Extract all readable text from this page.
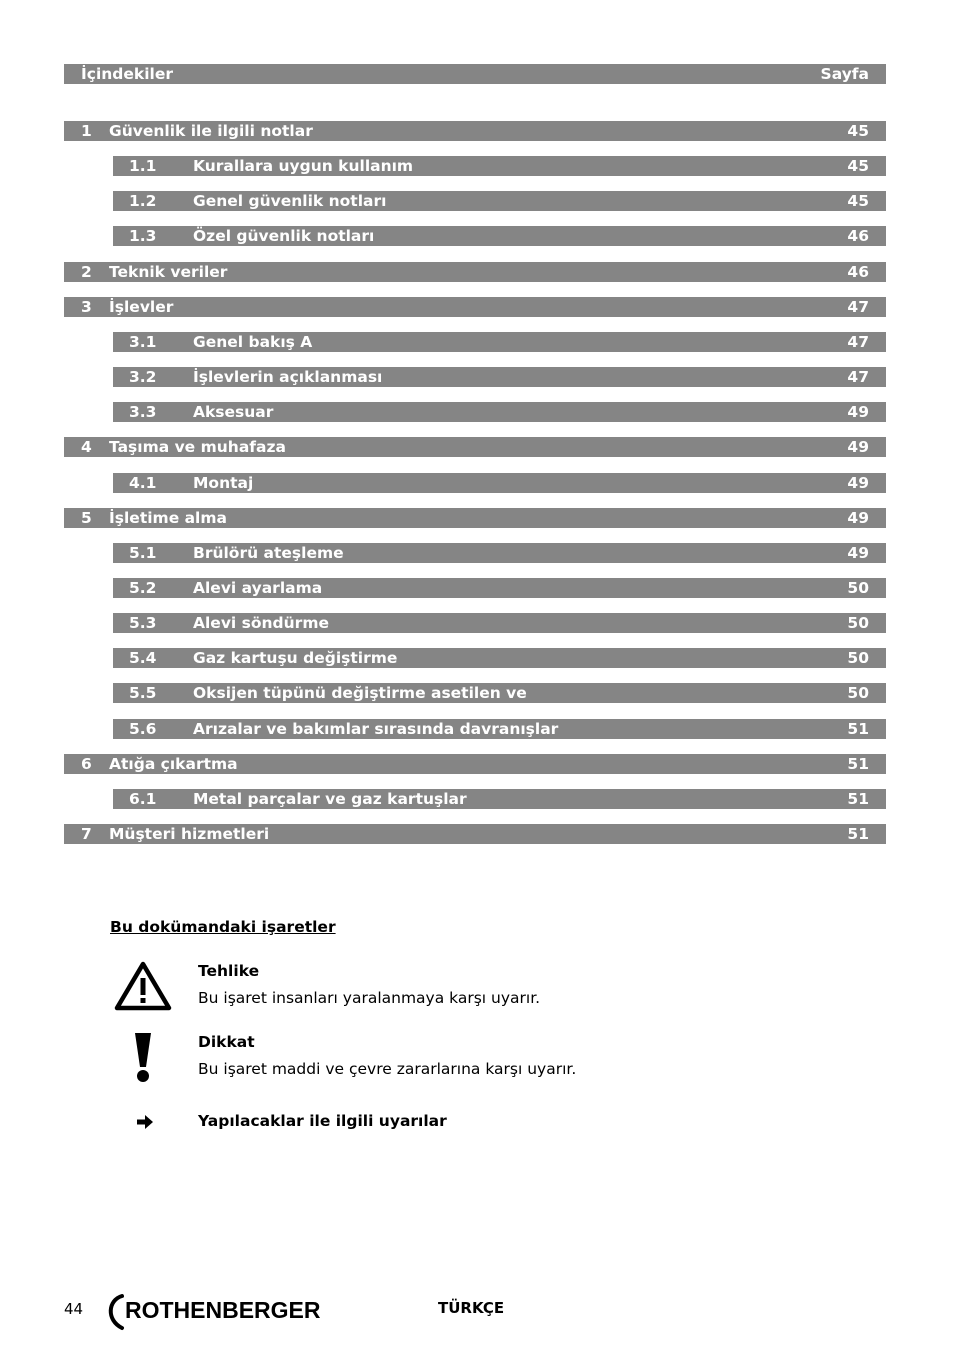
İçindekiler	Sayfa
1 Güvenlik ile ilgili notlar	45
1.1 Kurallara uygun kullanım	45
1.2 Genel güvenlik notları	45
1.3 Özel güvenlik notları	46
2 Teknik veriler	46
3 İşlevler	47
3.1 Genel bakış A	47
3.2 İşlevlerin açıklanması	47
3.3 Aksesuar	49
4 Taşıma ve muhafaza	49
4.1 Montaj	49
5 İşletime alma	49
5.1 Brülörü ateşleme	49
5.2 Alevi ayarlama	50
5.3 Alevi söndürme	50
5.4 Gaz kartuşu değiştirme	50
5.5 Oksijen tüpünü değiştirme asetilen ve	50
5.6 Arızalar ve bakımlar sırasında davranışlar	51
6 Atığa çıkartma	51
6.1 Metal parçalar ve gaz kartuşlar	51
7 Müşteri hizmetleri	51
Bu dokümandaki işaretler
Tehlike
Bu işaret insanları yaralanmaya karşı uyarır.
Dikkat
Bu işaret maddi ve çevre zararlarına karşı uyarır.
Yapılacaklar ile ilgili uyarılar
44 ROTHENBERGER	TÜRKÇE
